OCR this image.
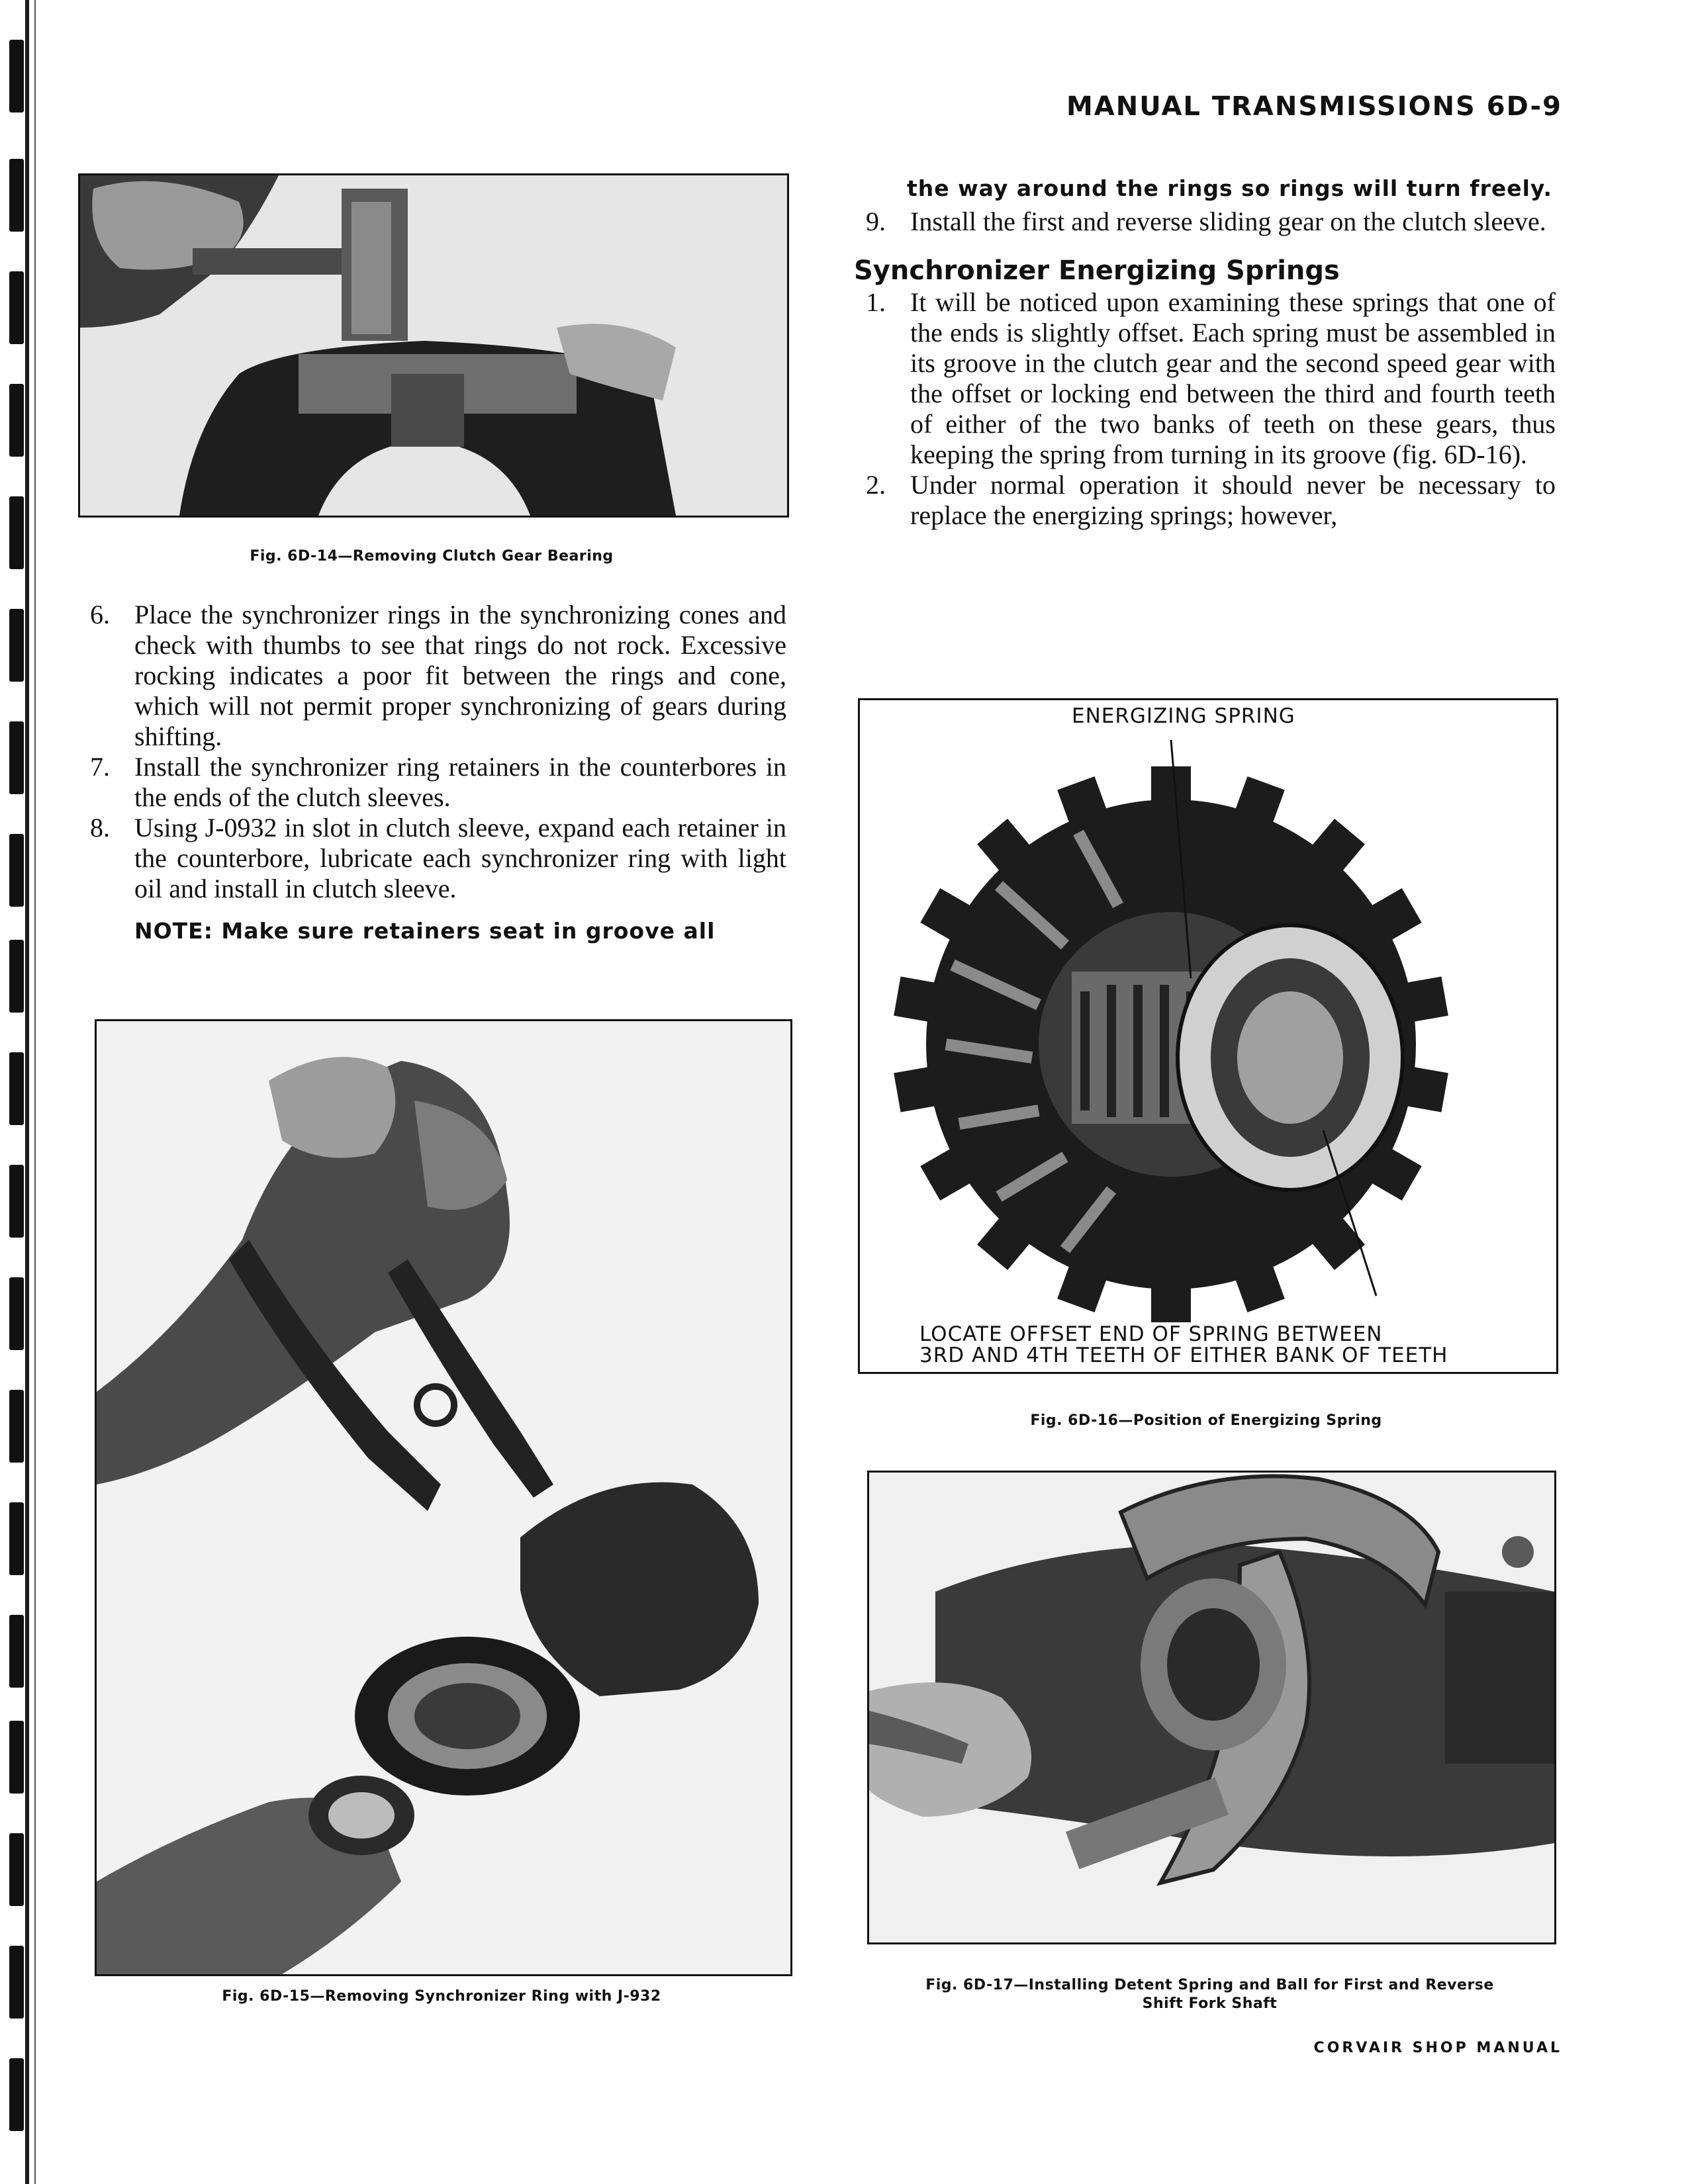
MANUAL TRANSMISSIONS 6D-9
Fig. 6D-14—Removing Clutch Gear Bearing

6. Place the synchronizer rings in the synchronizing cones and check with thumbs to see that rings do not rock. Excessive rocking indicates a poor fit between the rings and cone, which will not permit proper synchronizing of gears during shifting.

7. Install the synchronizer ring retainers in the counterbores in the ends of the clutch sleeves.

8. Using J-0932 in slot in clutch sleeve, expand each retainer in the counterbore, lubricate each synchronizer ring with light oil and install in clutch sleeve.

NOTE: Make sure retainers seat in groove all

Fig. 6D-15—Removing Synchronizer Ring with J-932

the way around the rings so rings will turn freely.

9. Install the first and reverse sliding gear on the clutch sleeve.

Synchronizer Energizing Springs

1. It will be noticed upon examining these springs that one of the ends is slightly offset. Each spring must be assembled in its groove in the clutch gear and the second speed gear with the offset or locking end between the third and fourth teeth of either of the two banks of teeth on these gears, thus keeping the spring from turning in its groove (fig. 6D-16).

2. Under normal operation it should never be necessary to replace the energizing springs; however,

ENERGIZING SPRING
LOCATE OFFSET END OF SPRING BETWEEN
3RD AND 4TH TEETH OF EITHER BANK OF TEETH
Fig. 6D-16—Position of Energizing Spring
Fig. 6D-17—Installing Detent Spring and Ball for First and Reverse
Shift Fork Shaft
CORVAIR SHOP MANUAL
